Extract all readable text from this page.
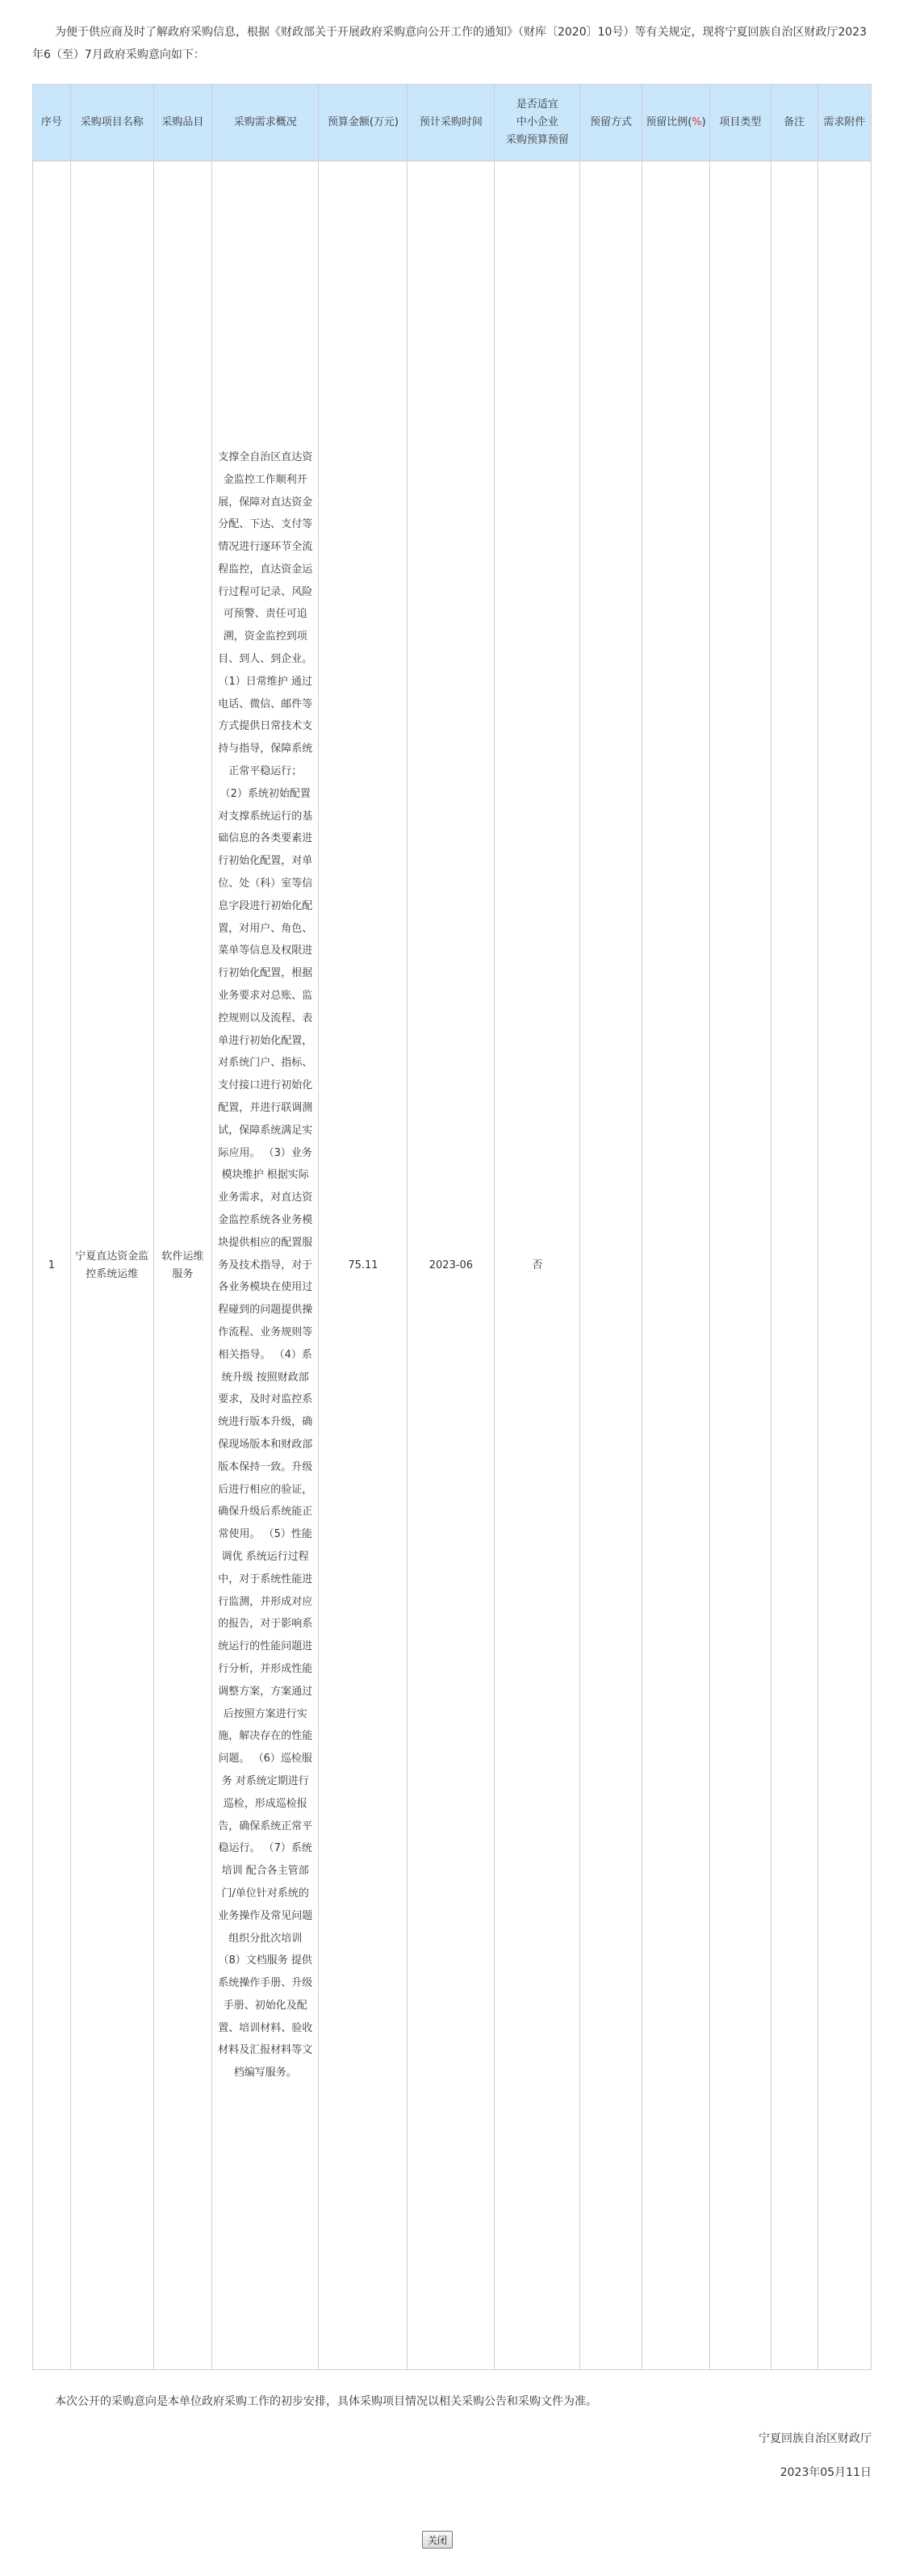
为便于供应商及时了解政府采购信息，根据《财政部关于开展政府采购意向公开工作的通知》（财库〔2020〕10号）等有关规定，现将宁夏回族自治区财政厅2023年6（至）7月政府采购意向如下：

序号	采购项目名称	采购品目	采购需求概况	预算金额(万元)	预计采购时间	是否适宜
中小企业
采购预算预留	预留方式	预留比例(%)	项目类型	备注	需求附件
1	宁夏直达资金监控系统运维	软件运维服务	支撑全自治区直达资金监控工作顺利开展，保障对直达资金分配、下达、支付等情况进行逐环节全流程监控，直达资金运行过程可记录、风险可预警、责任可追溯，资金监控到项目、到人、到企业。 （1）日常维护 通过电话、微信、邮件等方式提供日常技术支持与指导，保障系统正常平稳运行； （2）系统初始配置 对支撑系统运行的基础信息的各类要素进行初始化配置，对单位、处（科）室等信息字段进行初始化配置，对用户、角色、菜单等信息及权限进行初始化配置，根据业务要求对总账、监控规则以及流程、表单进行初始化配置，对系统门户、指标、支付接口进行初始化配置，并进行联调测试，保障系统满足实际应用。 （3）业务模块维护 根据实际业务需求，对直达资金监控系统各业务模块提供相应的配置服务及技术指导，对于各业务模块在使用过程碰到的问题提供操作流程、业务规则等相关指导。 （4）系统升级 按照财政部要求，及时对监控系统进行版本升级，确保现场版本和财政部版本保持一致。升级后进行相应的验证，确保升级后系统能正常使用。 （5）性能调优 系统运行过程中，对于系统性能进行监测，并形成对应的报告，对于影响系统运行的性能问题进行分析，并形成性能调整方案，方案通过后按照方案进行实施，解决存在的性能问题。 （6）巡检服务 对系统定期进行巡检，形成巡检报告，确保系统正常平稳运行。 （7）系统培训 配合各主管部门/单位针对系统的业务操作及常见问题组织分批次培训 （8）文档服务 提供系统操作手册、升级手册、初始化及配置、培训材料、验收材料及汇报材料等文档编写服务。	75.11	2023-06	否					

本次公开的采购意向是本单位政府采购工作的初步安排，具体采购项目情况以相关采购公告和采购文件为准。

宁夏回族自治区财政厅
2023年05月11日
关闭
